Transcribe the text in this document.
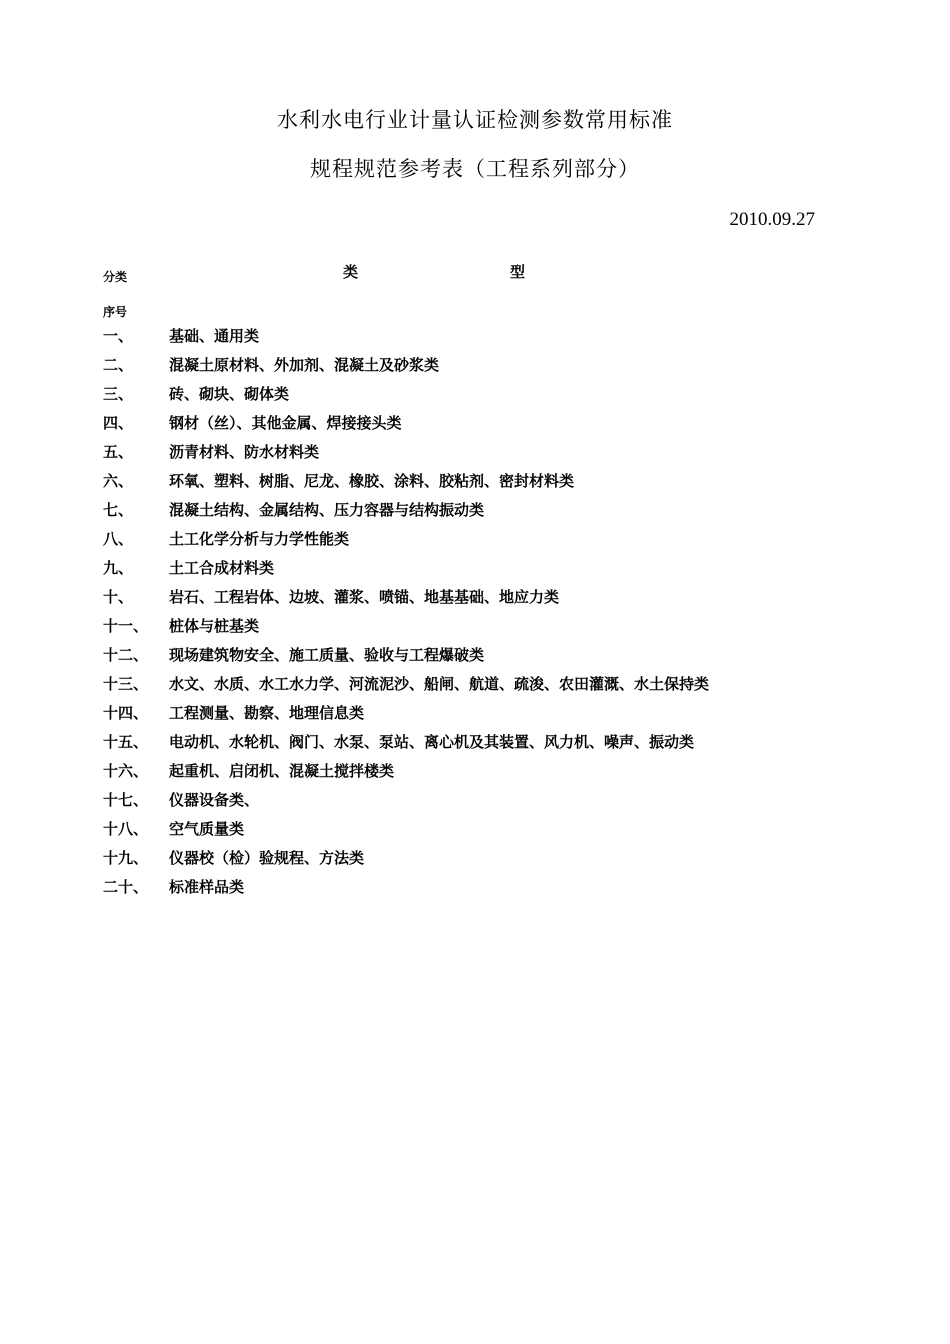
水利水电行业计量认证检测参数常用标准
规程规范参考表（工程系列部分）
2010.09.27
分类	类	型
序号
一、	基础、通用类
二、	混凝土原材料、外加剂、混凝土及砂浆类
三、	砖、砌块、砌体类
四、	钢材（丝）、其他金属、焊接接头类
五、	沥青材料、防水材料类
六、	环氧、塑料、树脂、尼龙、橡胶、涂料、胶粘剂、密封材料类
七、	混凝土结构、金属结构、压力容器与结构振动类
八、	土工化学分析与力学性能类
九、	土工合成材料类
十、	岩石、工程岩体、边坡、灌浆、喷锚、地基基础、地应力类
十一、	桩体与桩基类
十二、	现场建筑物安全、施工质量、验收与工程爆破类
十三、	水文、水质、水工水力学、河流泥沙、船闸、航道、疏浚、农田灌溉、水土保持类
十四、	工程测量、勘察、地理信息类
十五、	电动机、水轮机、阀门、水泵、泵站、离心机及其装置、风力机、噪声、振动类
十六、	起重机、启闭机、混凝土搅拌楼类
十七、	仪器设备类、
十八、	空气质量类
十九、	仪器校（检）验规程、方法类
二十、	标准样品类
